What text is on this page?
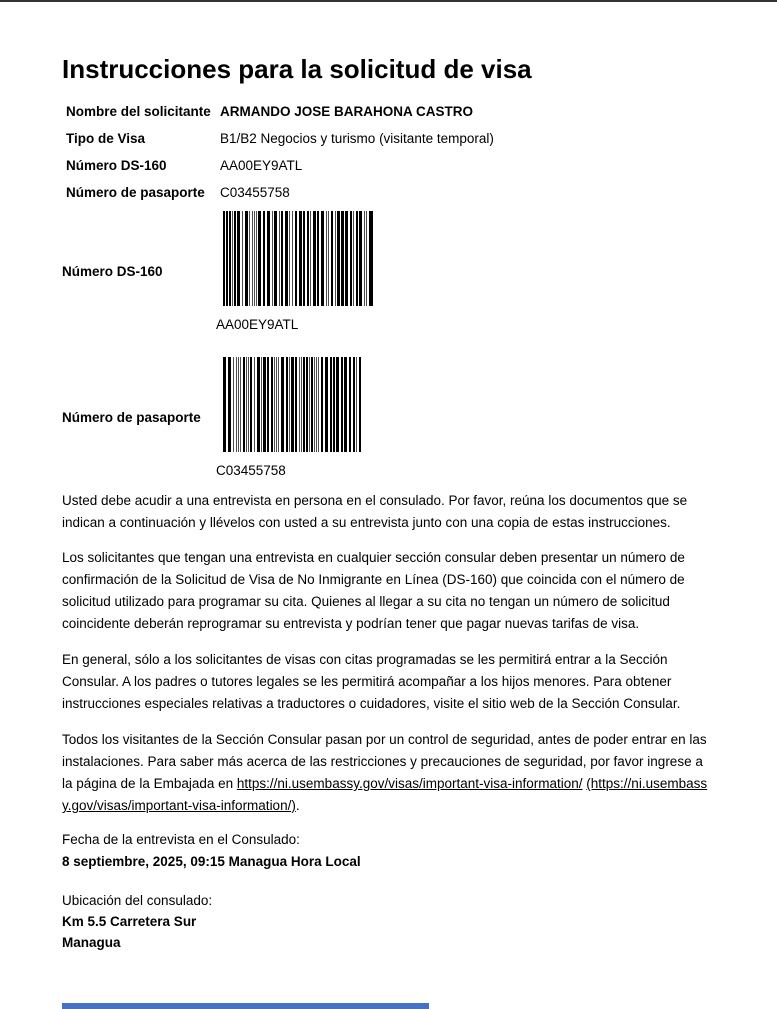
Instrucciones para la solicitud de visa
Nombre del solicitante ARMANDO JOSE BARAHONA CASTRO
Tipo de Visa	B1/B2 Negocios y turismo (visitante temporal)
Número DS-160	AA00EY9ATL
Número de pasaporte	C03455758
Número DS-160
AA00EY9ATL
Número de pasaporte
C03455758

Usted debe acudir a una entrevista en persona en el consulado. Por favor, reúna los documentos que se indican a continuación y llévelos con usted a su entrevista junto con una copia de estas instrucciones.

Los solicitantes que tengan una entrevista en cualquier sección consular deben presentar un número de confirmación de la Solicitud de Visa de No Inmigrante en Línea (DS-160) que coincida con el número de solicitud utilizado para programar su cita. Quienes al llegar a su cita no tengan un número de solicitud coincidente deberán reprogramar su entrevista y podrían tener que pagar nuevas tarifas de visa.

En general, sólo a los solicitantes de visas con citas programadas se les permitirá entrar a la Sección Consular. A los padres o tutores legales se les permitirá acompañar a los hijos menores. Para obtener instrucciones especiales relativas a traductores o cuidadores, visite el sitio web de la Sección Consular.

Todos los visitantes de la Sección Consular pasan por un control de seguridad, antes de poder entrar en las instalaciones. Para saber más acerca de las restricciones y precauciones de seguridad, por favor ingrese a la página de la Embajada en https://ni.usembassy.gov/visas/important-visa-information/ (https://ni.usembassy.gov/visas/important-visa-information/).

Fecha de la entrevista en el Consulado:
8 septiembre, 2025, 09:15 Managua Hora Local
Ubicación del consulado:
Km 5.5 Carretera Sur
Managua
